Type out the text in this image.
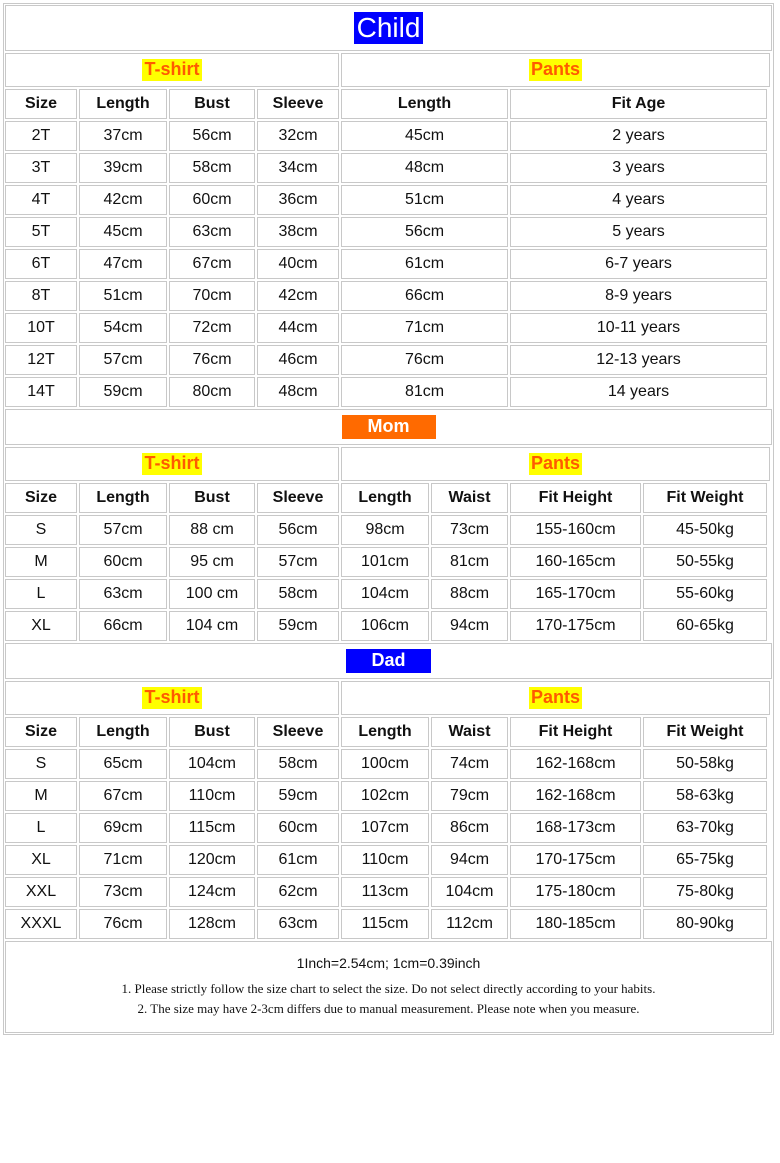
Child
T-shirt	Pants
Size	Length	Bust	Sleeve	Length	Fit Age
2T	37cm	56cm	32cm	45cm	2 years
3T	39cm	58cm	34cm	48cm	3 years
4T	42cm	60cm	36cm	51cm	4 years
5T	45cm	63cm	38cm	56cm	5 years
6T	47cm	67cm	40cm	61cm	6-7 years
8T	51cm	70cm	42cm	66cm	8-9 years
10T	54cm	72cm	44cm	71cm	10-11 years
12T	57cm	76cm	46cm	76cm	12-13 years
14T	59cm	80cm	48cm	81cm	14 years
Mom
T-shirt	Pants
Size	Length	Bust	Sleeve	Length	Waist	Fit Height	Fit Weight
S	57cm	88 cm	56cm	98cm	73cm	155-160cm	45-50kg
M	60cm	95 cm	57cm	101cm	81cm	160-165cm	50-55kg
L	63cm	100 cm	58cm	104cm	88cm	165-170cm	55-60kg
XL	66cm	104 cm	59cm	106cm	94cm	170-175cm	60-65kg
Dad
T-shirt	Pants
Size	Length	Bust	Sleeve	Length	Waist	Fit Height	Fit Weight
S	65cm	104cm	58cm	100cm	74cm	162-168cm	50-58kg
M	67cm	110cm	59cm	102cm	79cm	162-168cm	58-63kg
L	69cm	115cm	60cm	107cm	86cm	168-173cm	63-70kg
XL	71cm	120cm	61cm	110cm	94cm	170-175cm	65-75kg
XXL	73cm	124cm	62cm	113cm	104cm	175-180cm	75-80kg
XXXL	76cm	128cm	63cm	115cm	112cm	180-185cm	80-90kg
1Inch=2.54cm; 1cm=0.39inch
1. Please strictly follow the size chart to select the size. Do not select directly according to your habits.
2. The size may have 2-3cm differs due to manual measurement. Please note when you measure.
